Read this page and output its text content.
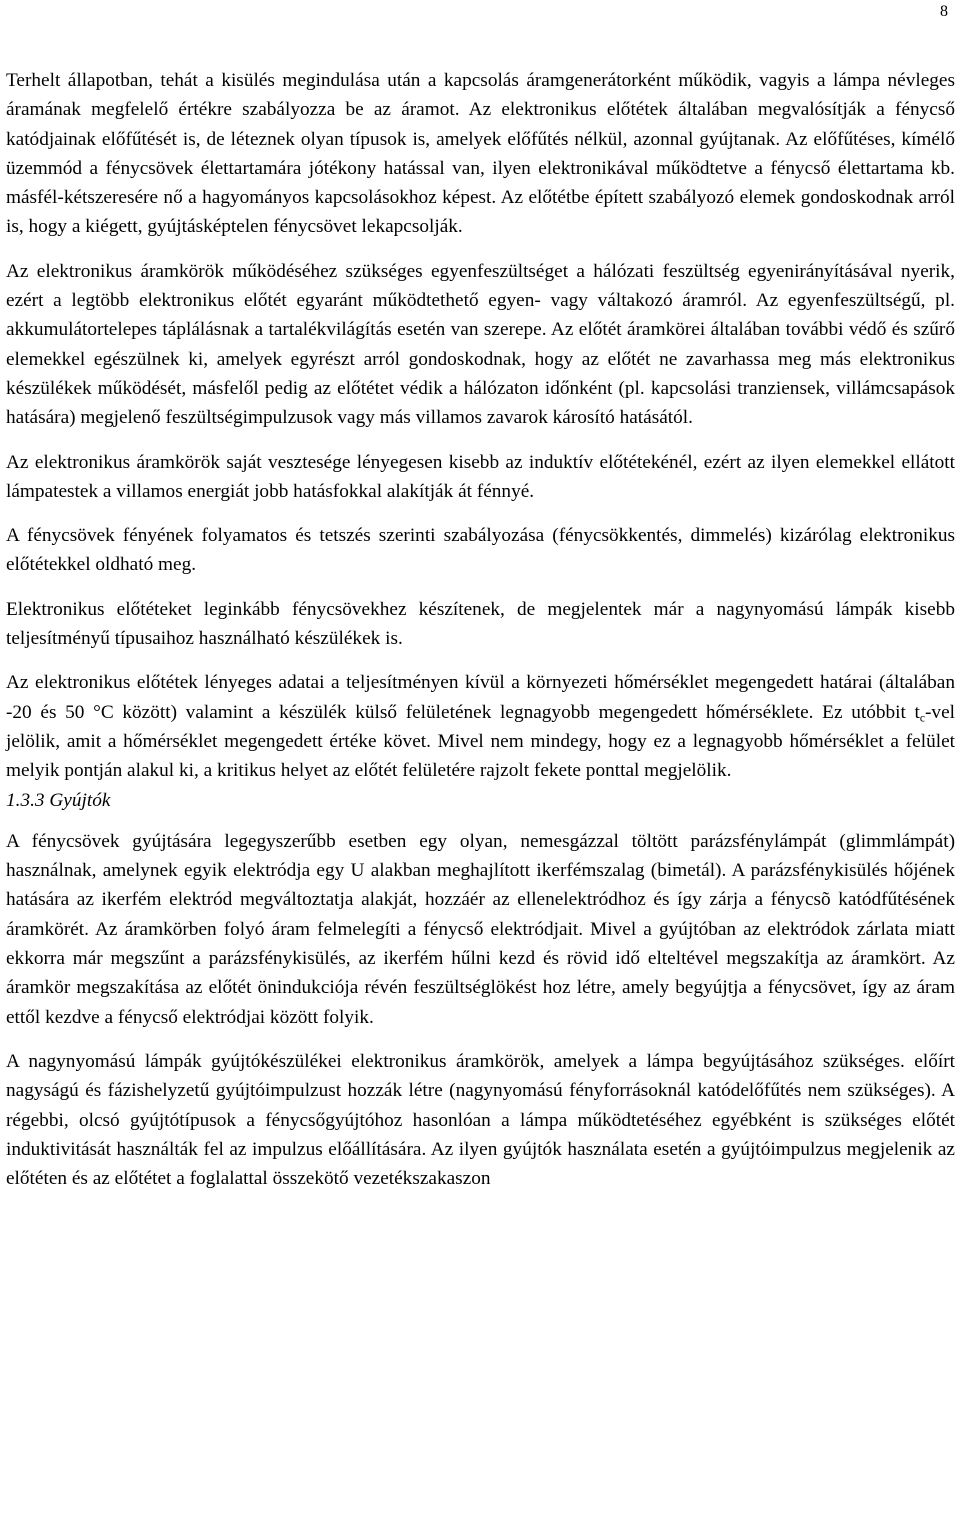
8

Terhelt állapotban, tehát a kisülés megindulása után a kapcsolás áramgenerátorként működik, vagyis a lámpa névleges áramának megfelelő értékre szabályozza be az áramot. Az elektronikus előtétek általában megvalósítják a fénycső katódjainak előfűtését is, de léteznek olyan típusok is, amelyek előfűtés nélkül, azonnal gyújtanak. Az előfűtéses, kímélő üzemmód a fénycsövek élettartamára jótékony hatással van, ilyen elektronikával működtetve a fénycső élettartama kb. másfél-kétszeresére nő a hagyományos kapcsolásokhoz képest. Az előtétbe épített szabályozó elemek gondoskodnak arról is, hogy a kiégett, gyújtásképtelen fénycsövet lekapcsolják.

Az elektronikus áramkörök működéséhez szükséges egyenfeszültséget a hálózati feszültség egyenirányításával nyerik, ezért a legtöbb elektronikus előtét egyaránt működtethető egyen- vagy váltakozó áramról. Az egyenfeszültségű, pl. akkumulátortelepes táplálásnak a tartalékvilágítás esetén van szerepe. Az előtét áramkörei általában további védő és szűrő elemekkel egészülnek ki, amelyek egyrészt arról gondoskodnak, hogy az előtét ne zavarhassa meg más elektronikus készülékek működését, másfelől pedig az előtétet védik a hálózaton időnként (pl. kapcsolási tranziensek, villámcsapások hatására) megjelenő feszültségimpulzusok vagy más villamos zavarok károsító hatásától.

Az elektronikus áramkörök saját vesztesége lényegesen kisebb az induktív előtétekénél, ezért az ilyen elemekkel ellátott lámpatestek a villamos energiát jobb hatásfokkal alakítják át fénnyé.

A fénycsövek fényének folyamatos és tetszés szerinti szabályozása (fénycsökkentés, dimmelés) kizárólag elektronikus előtétekkel oldható meg.

Elektronikus előtéteket leginkább fénycsövekhez készítenek, de megjelentek már a nagynyomású lámpák kisebb teljesítményű típusaihoz használható készülékek is.

Az elektronikus előtétek lényeges adatai a teljesítményen kívül a környezeti hőmérséklet megengedett határai (általában -20 és 50 °C között) valamint a készülék külső felületének legnagyobb megengedett hőmérséklete. Ez utóbbit $t_c$-vel jelölik, amit a hőmérséklet megengedett értéke követ. Mivel nem mindegy, hogy ez a legnagyobb hőmérséklet a felület melyik pontján alakul ki, a kritikus helyet az előtét felületére rajzolt fekete ponttal megjelölik.

1.3.3 Gyújtók

A fénycsövek gyújtására legegyszerűbb esetben egy olyan, nemesgázzal töltött parázsfénylámpát (glimmlámpát) használnak, amelynek egyik elektródja egy U alakban meghajlított ikerfémszalag (bimetál). A parázsfénykisülés hőjének hatására az ikerfém elektród megváltoztatja alakját, hozzáér az ellenelektródhoz és így zárja a fénycsõ katódfűtésének áramkörét. Az áramkörben folyó áram felmelegíti a fénycső elektródjait. Mivel a gyújtóban az elektródok zárlata miatt ekkorra már megszűnt a parázsfénykisülés, az ikerfém hűlni kezd és rövid idő elteltével megszakítja az áramkört. Az áramkör megszakítása az előtét önindukciója révén feszültséglökést hoz létre, amely begyújtja a fénycsövet, így az áram ettől kezdve a fénycső elektródjai között folyik.

A nagynyomású lámpák gyújtókészülékei elektronikus áramkörök, amelyek a lámpa begyújtásához szükséges. előírt nagyságú és fázishelyzetű gyújtóimpulzust hozzák létre (nagynyomású fényforrásoknál katódelőfűtés nem szükséges). A régebbi, olcsó gyújtótípusok a fénycsőgyújtóhoz hasonlóan a lámpa működtetéséhez egyébként is szükséges előtét induktivitását használták fel az impulzus előállítására. Az ilyen gyújtók használata esetén a gyújtóimpulzus megjelenik az előtéten és az előtétet a foglalattal összekötő vezetékszakaszon
